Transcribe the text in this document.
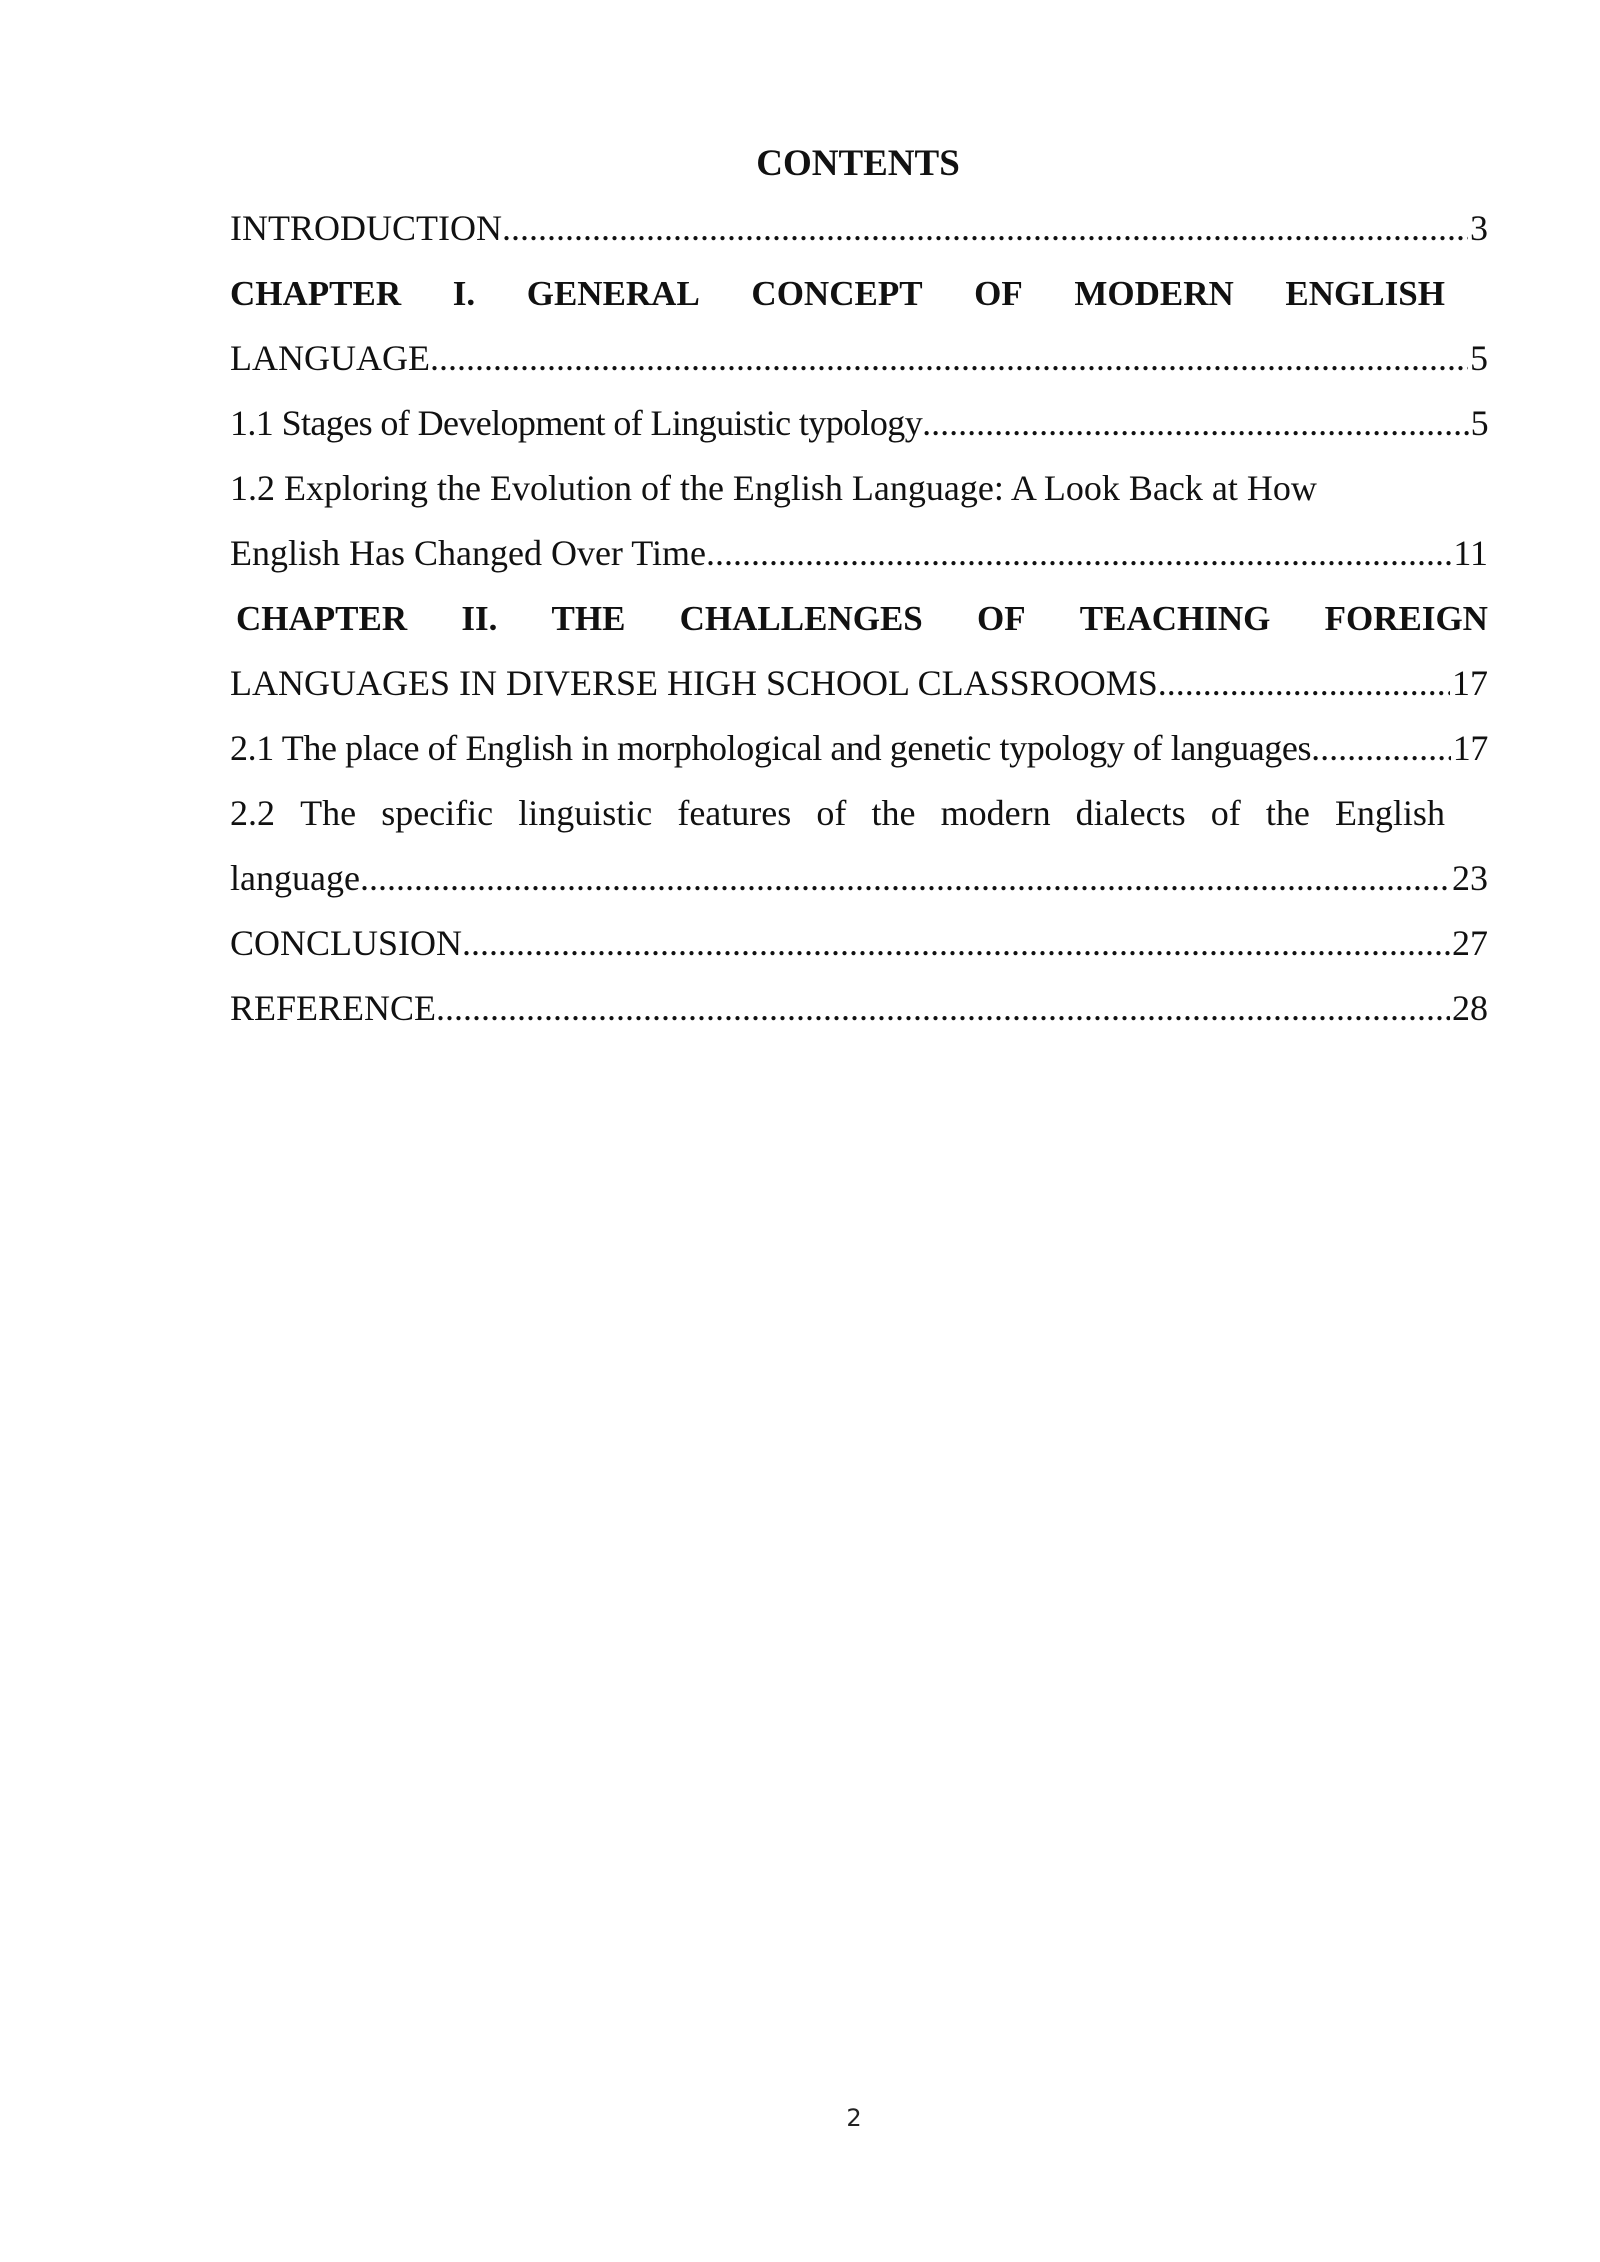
CONTENTS
INTRODUCTION .....	3
CHAPTER I. GENERAL CONCEPT OF MODERN ENGLISH
LANGUAGE .....	5
1.1 Stages of Development of Linguistic typology .....	5
1.2 Exploring the Evolution of the English Language: A Look Back at How
English Has Changed Over Time .....	11
CHAPTER II. THE CHALLENGES OF TEACHING FOREIGN
LANGUAGES IN DIVERSE HIGH SCHOOL CLASSROOMS .....	17
2.1 The place of English in morphological and genetic typology of languages .....	17
2.2 The specific linguistic features of the modern dialects of the English
language .....	23
CONCLUSION .....	27
REFERENCE .....	28
2
